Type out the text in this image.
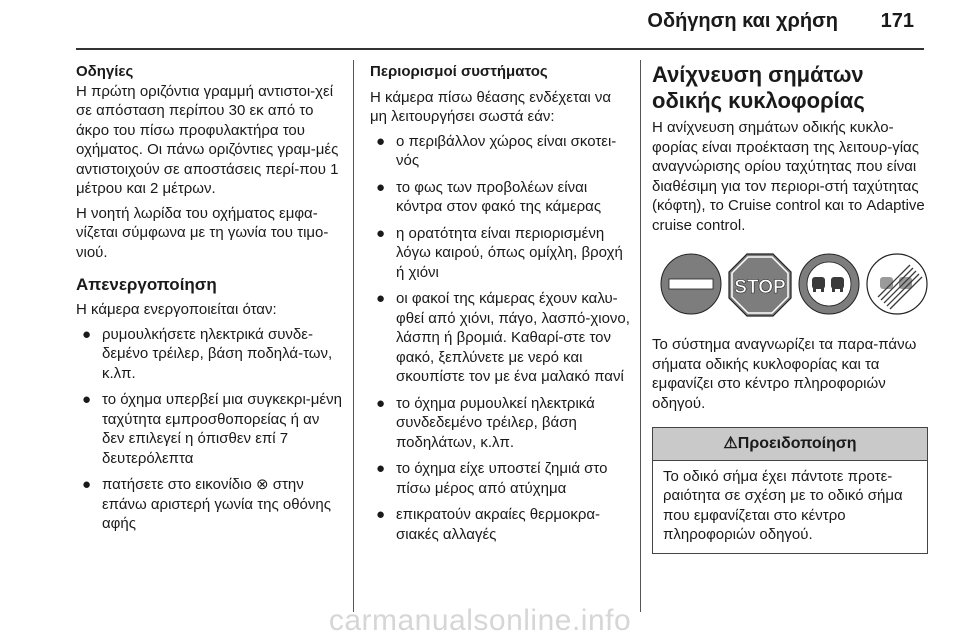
Οδήγηση και χρήση 171
Οδηγίες

Η πρώτη οριζόντια γραμμή αντιστοι-χεί σε απόσταση περίπου 30 εκ από το άκρο του πίσω προφυλακτήρα του οχήματος. Οι πάνω οριζόντιες γραμ-μές αντιστοιχούν σε αποστάσεις περί-που 1 μέτρου και 2 μέτρων.

Η νοητή λωρίδα του οχήματος εμφα-νίζεται σύμφωνα με τη γωνία του τιμο-νιού.

Απενεργοποίηση

Η κάμερα ενεργοποιείται όταν:

● ρυμουλκήσετε ηλεκτρικά συνδε-δεμένο τρέιλερ, βάση ποδηλά-των, κ.λπ.
● το όχημα υπερβεί μια συγκεκρι-μένη ταχύτητα εμπροσθοπορείας ή αν δεν επιλεγεί η όπισθεν επί 7 δευτερόλεπτα
● πατήσετε στο εικονίδιο ⊗ στην επάνω αριστερή γωνία της οθόνης αφής
Περιορισμοί συστήματος

Η κάμερα πίσω θέασης ενδέχεται να μη λειτουργήσει σωστά εάν:

● ο περιβάλλον χώρος είναι σκοτει-νός
● το φως των προβολέων είναι κόντρα στον φακό της κάμερας
● η ορατότητα είναι περιορισμένη λόγω καιρού, όπως ομίχλη, βροχή ή χιόνι
● οι φακοί της κάμερας έχουν καλυ-φθεί από χιόνι, πάγο, λασπό-χιονο, λάσπη ή βρομιά. Καθαρί-στε τον φακό, ξεπλύνετε με νερό και σκουπίστε τον με ένα μαλακό πανί
● το όχημα ρυμουλκεί ηλεκτρικά συνδεδεμένο τρέιλερ, βάση ποδηλάτων, κ.λπ.
● το όχημα είχε υποστεί ζημιά στο πίσω μέρος από ατύχημα
● επικρατούν ακραίες θερμοκρα-σιακές αλλαγές
Ανίχνευση σημάτων οδικής κυκλοφορίας

Η ανίχνευση σημάτων οδικής κυκλο-φορίας είναι προέκταση της λειτουρ-γίας αναγνώρισης ορίου ταχύτητας που είναι διαθέσιμη για τον περιορι-στή ταχύτητας (κόφτη), το Cruise control και το Adaptive cruise control.

STOP

Το σύστημα αναγνωρίζει τα παρα-πάνω σήματα οδικής κυκλοφορίας και τα εμφανίζει στο κέντρο πληροφοριών οδηγού.

⚠Προειδοποίηση
Το οδικό σήμα έχει πάντοτε προτε-ραιότητα σε σχέση με το οδικό σήμα που εμφανίζεται στο κέντρο πληροφοριών οδηγού.
carmanualsonline.info
